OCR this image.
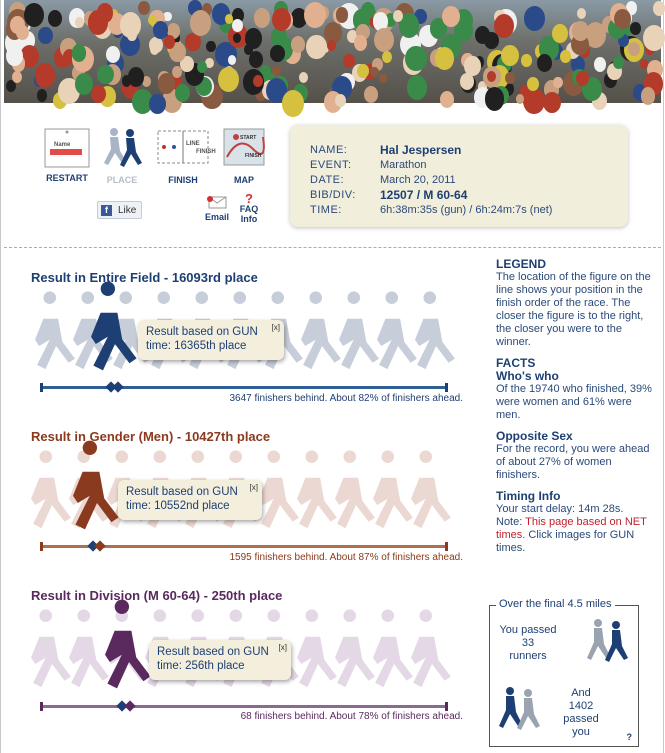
Name
RESTART	PLACE
LINE
FINISH
FINISH
START
FINISH
MAP
f	Like
Email
?
FAQ
Info
NAME:	Hal Jespersen
EVENT:	Marathon
DATE:	March 20, 2011
BIB/DIV:	12507 / M 60-64
TIME:	6h:38m:35s (gun) / 6h:24m:7s (net)
Result in Entire Field - 16093rd place
[x]
Result based on GUN
time: 16365th place
3647 finishers behind. About 82% of finishers ahead.
Result in Gender (Men) - 10427th place
[x]
Result based on GUN
time: 10552nd place
1595 finishers behind. About 87% of finishers ahead.
Result in Division (M 60-64) - 250th place
[x]
Result based on GUN
time: 256th place
68 finishers behind. About 78% of finishers ahead.
LEGEND

The location of the figure on the line shows your position in the finish order of the race. The closer the figure is to the right, the closer you were to the winner.

FACTS
Who's who

Of the 19740 who finished, 39% were women and 61% were men.

Opposite Sex

For the record, you were ahead of about 27% of women finishers.

Timing Info

Your start delay: 14m 28s.
Note: This page based on NET times. Click images for GUN times.

Over the final 4.5 miles
You passed
33
runners
And
1402
passed
you	?
